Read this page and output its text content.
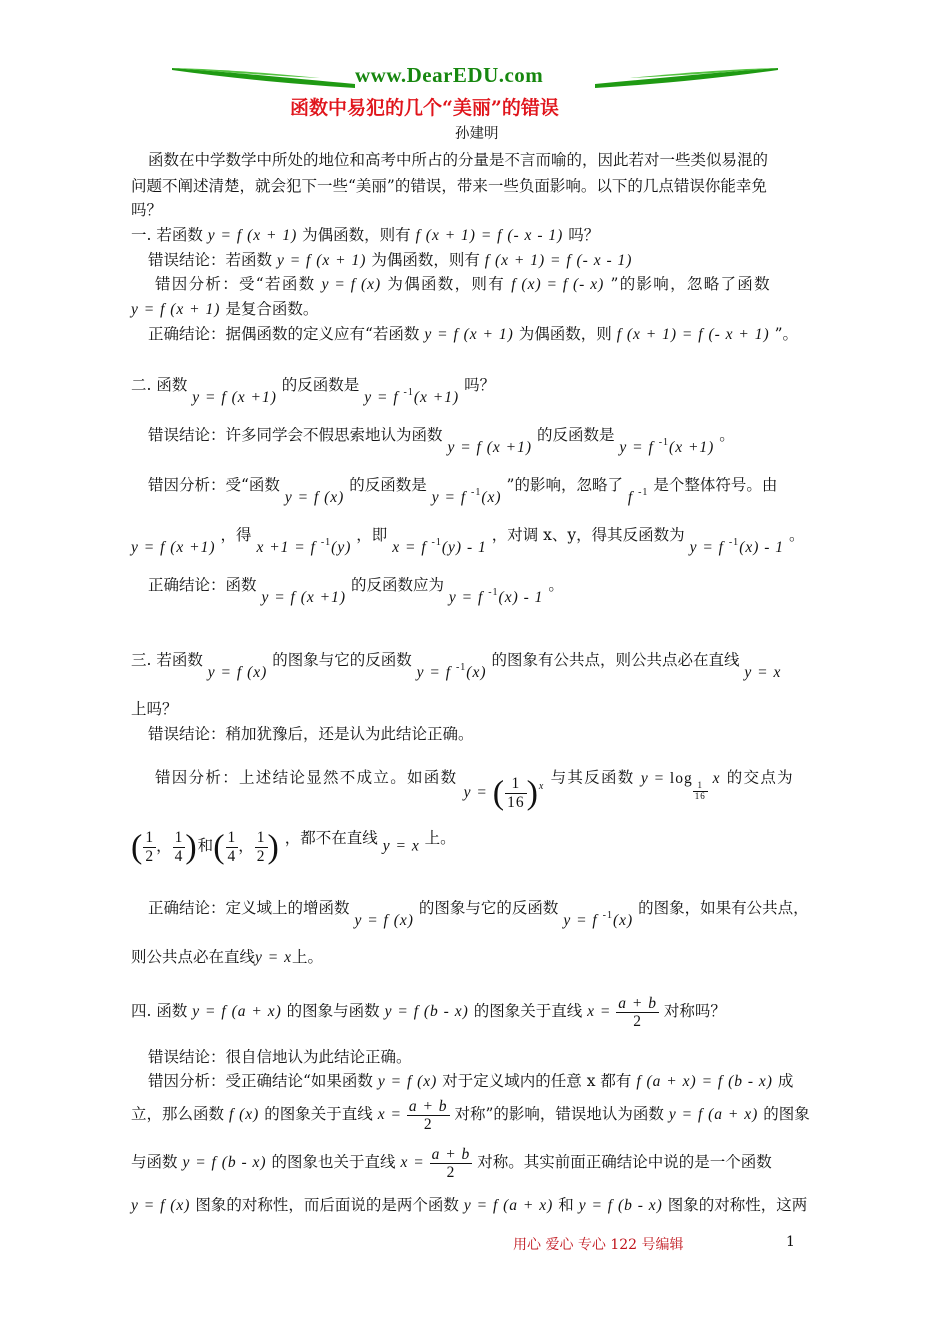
www.DearEDU.com
函数中易犯的几个“美丽”的错误
孙建明
函数在中学数学中所处的地位和高考中所占的分量是不言而喻的，因此若对一些类似易混的
问题不阐述清楚，就会犯下一些“美丽”的错误，带来一些负面影响。以下的几点错误你能幸免
吗？
一. 若函数 y = f (x + 1) 为偶函数，则有 f (x + 1) = f (- x - 1) 吗？
错误结论：若函数 y = f (x + 1) 为偶函数，则有 f (x + 1) = f (- x - 1)
错因分析：受“若函数 y = f (x) 为偶函数，则有 f (x) = f (- x) ”的影响，忽略了函数
y = f (x + 1) 是复合函数。
正确结论：据偶函数的定义应有“若函数 y = f (x + 1) 为偶函数，则 f (x + 1) = f (- x + 1) ”。
二. 函数 y = f (x +1) 的反函数是 y = f $^{-1}$(x +1) 吗？
错误结论：许多同学会不假思索地认为函数 y = f (x +1) 的反函数是 y = f $^{-1}$(x +1) 。
错因分析：受“函数 y = f (x) 的反函数是 y = f $^{-1}$(x) ”的影响，忽略了 f $^{-1}$ 是个整体符号。由
y = f (x +1) ，得 x +1 = f $^{-1}$(y) ，即 x = f $^{-1}$(y) - 1 ，对调 x、y，得其反函数为 y = f $^{-1}$(x) - 1 。
正确结论：函数 y = f (x +1) 的反函数应为 y = f $^{-1}$(x) - 1 。
三. 若函数 y = f (x) 的图象与它的反函数 y = f $^{-1}$(x) 的图象有公共点，则公共点必在直线 y = x
上吗？
错误结论：稍加犹豫后，还是认为此结论正确。
错因分析：上述结论显然不成立。如函数 y = ( $\frac{1}{16} )^x$ 与其反函数 y = log
$\frac{1}{16}$
x 的交点为
( $\frac{1}{2}$ ， $\frac{1}{4}$ )和( $\frac{1}{4}$ ， $\frac{1}{2}$ ) ，都不在直线 y = x 上。
正确结论：定义域上的增函数 y = f (x) 的图象与它的反函数 y = f $^{-1}$(x) 的图象，如果有公共点，
则公共点必在直线y = x上。
四. 函数 y = f (a + x) 的图象与函数 y = f (b - x) 的图象关于直线 $x = \frac{a + b}{2}$ 对称吗？
错误结论：很自信地认为此结论正确。
错因分析：受正确结论“如果函数 y = f (x) 对于定义域内的任意 x 都有 f (a + x) = f (b - x) 成
立，那么函数 f (x) 的图象关于直线 $x = \frac{a + b}{2}$ 对称”的影响，错误地认为函数 y = f (a + x) 的图象
与函数 y = f (b - x) 的图象也关于直线 $x = \frac{a + b}{2}$ 对称。其实前面正确结论中说的是一个函数
y = f (x) 图象的对称性，而后面说的是两个函数 y = f (a + x) 和 y = f (b - x) 图象的对称性，这两
用心 爱心 专心 122 号编辑	1
